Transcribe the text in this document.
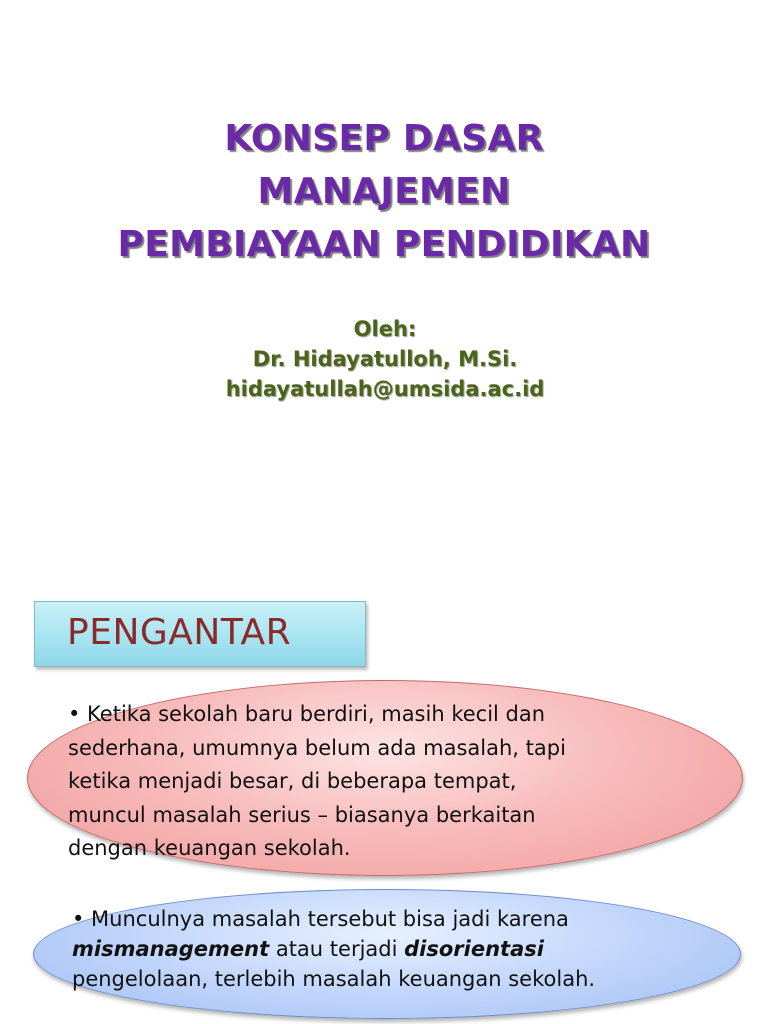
KONSEP DASAR
MANAJEMEN
PEMBIAYAAN PENDIDIKAN
Oleh:
Dr. Hidayatulloh, M.Si.
hidayatullah@umsida.ac.id
PENGANTAR
• Ketika sekolah baru berdiri, masih kecil dan
sederhana, umumnya belum ada masalah, tapi
ketika menjadi besar, di beberapa tempat,
muncul masalah serius – biasanya berkaitan
dengan keuangan sekolah.
• Munculnya masalah tersebut bisa jadi karena
mismanagement atau terjadi disorientasi
pengelolaan, terlebih masalah keuangan sekolah.
